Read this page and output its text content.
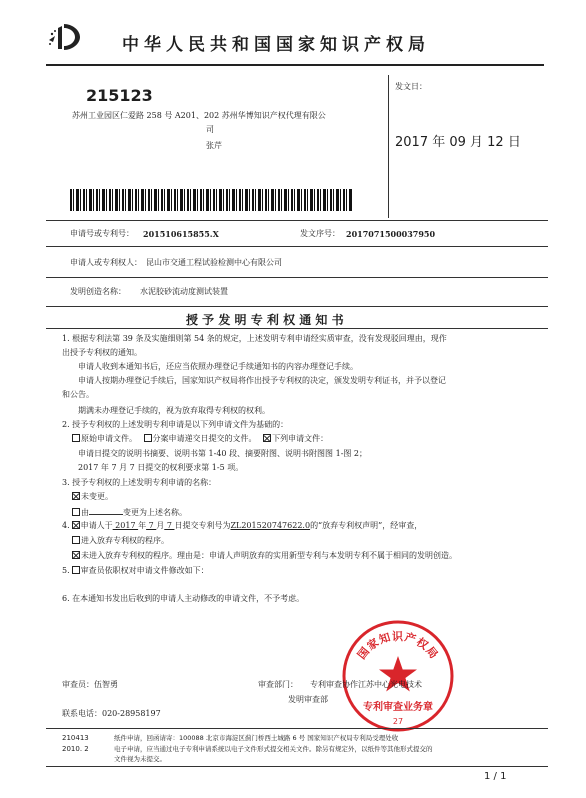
中华人民共和国国家知识产权局
215123
苏州工业园区仁爱路 258 号 A201、202 苏州华博知识产权代理有限公
司
张芹
发文日：
2017 年 09 月 12 日
申请号或专利号： 201510615855.X	发文序号： 2017071500037950
申请人或专利权人： 昆山市交通工程试验检测中心有限公司
发明创造名称： 水泥胶砂流动度测试装置
授 予 发 明 专 利 权 通 知 书
1. 根据专利法第 39 条及实施细则第 54 条的规定，上述发明专利申请经实质审查，没有发现驳回理由，现作
出授予专利权的通知。
申请人收到本通知书后，还应当依照办理登记手续通知书的内容办理登记手续。
申请人按期办理登记手续后，国家知识产权局将作出授予专利权的决定，颁发发明专利证书，并予以登记
和公告。
期满未办理登记手续的，视为放弃取得专利权的权利。
2. 授予专利权的上述发明专利申请是以下列申请文件为基础的：
原始申请文件。 分案申请递交日提交的文件。 下列申请文件：
申请日提交的说明书摘要、说明书第 1-40 段、摘要附图、说明书附图图 1-图 2；
2017 年 7 月 7 日提交的权利要求第 1-5 项。
3. 授予专利权的上述发明专利申请的名称：
未变更。
由	变更为上述名称。
4. 申请人于 2017 年 7 月 7 日提交专利号为ZL201520747622.0的“放弃专利权声明”，经审查，
进入放弃专利权的程序。
未进入放弃专利权的程序。理由是：申请人声明放弃的实用新型专利与本发明专利不属于相同的发明创造。
5. 审查员依职权对申请文件修改如下：
6. 在本通知书发出后收到的申请人主动修改的申请文件，不予考虑。
国家知识产权局
专利审查业务章
27
审查员：伍智勇	审查部门： 专利审查协作江苏中心光电技术
发明审查部
联系电话：020-28958197
210413
2010. 2
纸件申请，回函请寄：100088 北京市海淀区蓟门桥西土城路 6 号 国家知识产权局专利局受理处收
电子申请，应当通过电子专利申请系统以电子文件形式提交相关文件。除另有规定外，以纸件等其他形式提交的
文件视为未提交。
1 / 1
